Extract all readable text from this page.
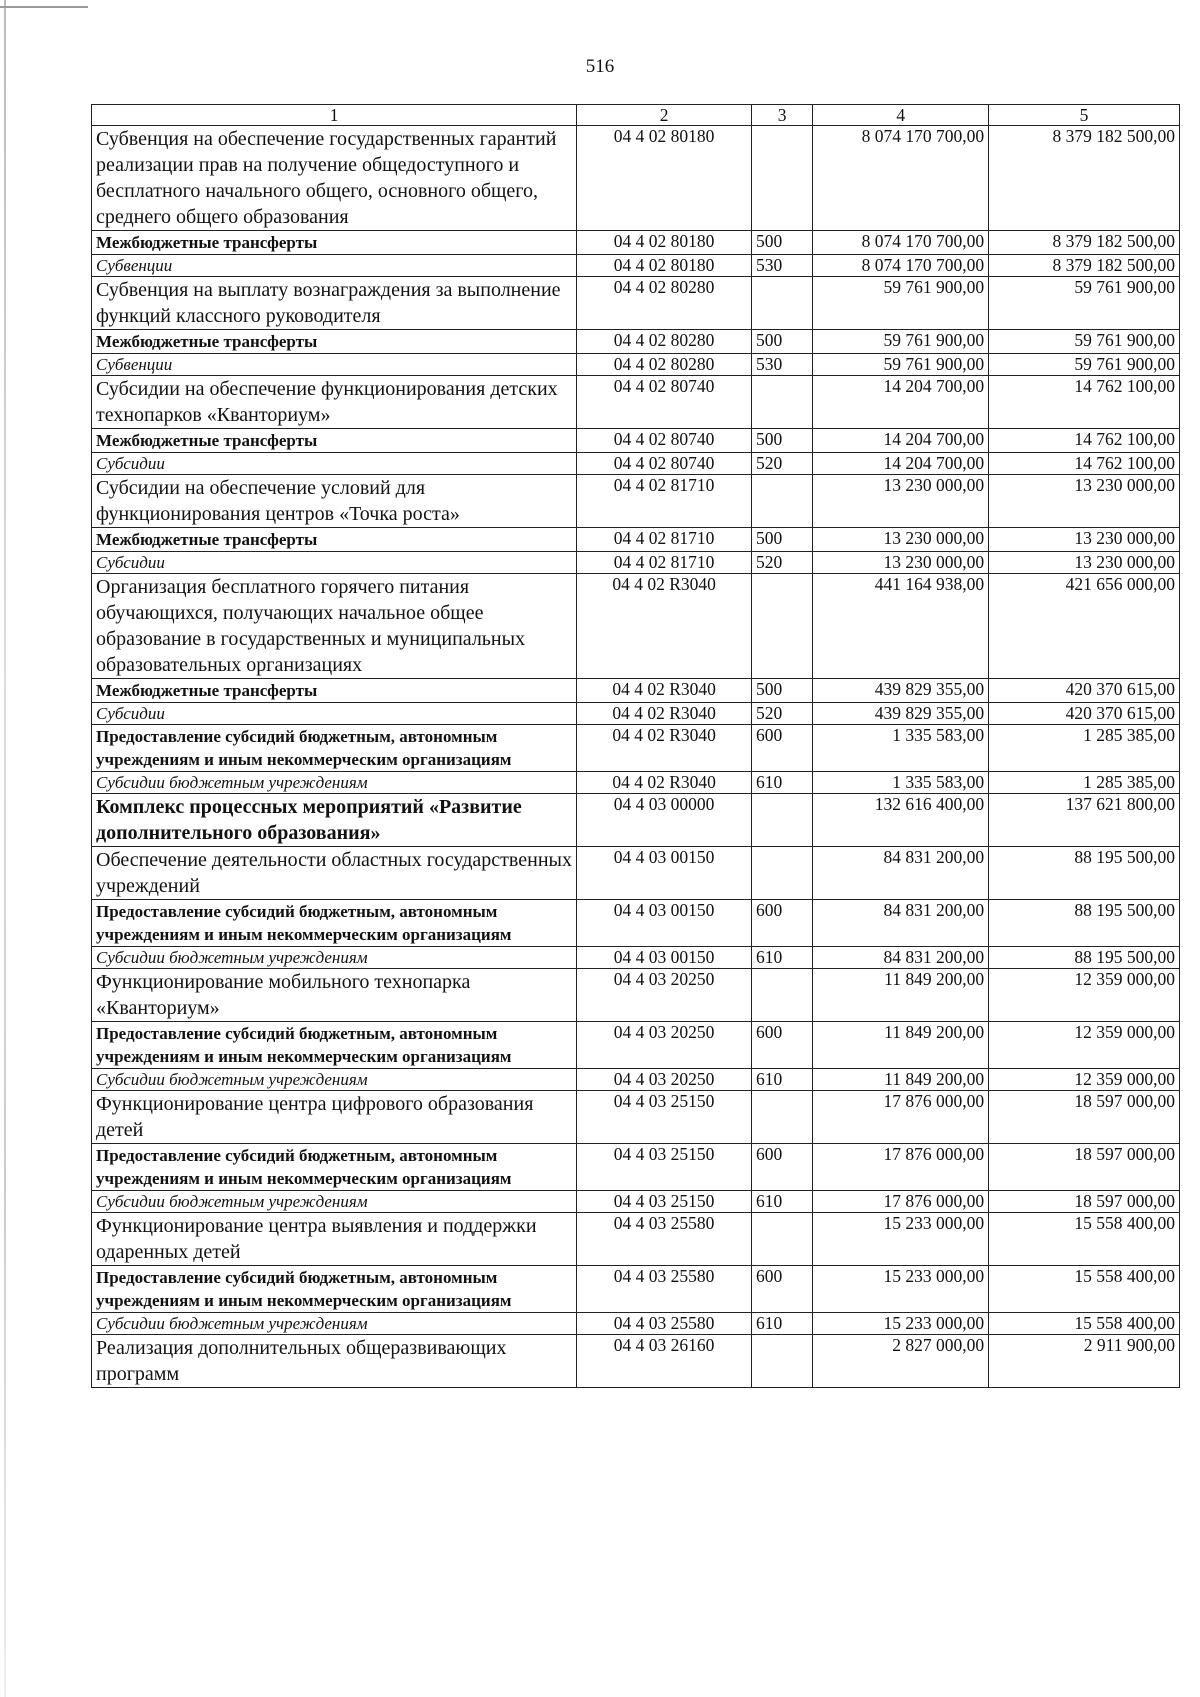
516
1	2	3	4	5
Субвенция на обеспечение государственных гарантий реализации прав на получение общедоступного и бесплатного начального общего, основного общего, среднего общего образования	04 4 02 80180		8 074 170 700,00	8 379 182 500,00
Межбюджетные трансферты	04 4 02 80180	500	8 074 170 700,00	8 379 182 500,00
Субвенции	04 4 02 80180	530	8 074 170 700,00	8 379 182 500,00
Субвенция на выплату вознаграждения за выполнение функций классного руководителя	04 4 02 80280		59 761 900,00	59 761 900,00
Межбюджетные трансферты	04 4 02 80280	500	59 761 900,00	59 761 900,00
Субвенции	04 4 02 80280	530	59 761 900,00	59 761 900,00
Субсидии на обеспечение функционирования детских технопарков «Кванториум»	04 4 02 80740		14 204 700,00	14 762 100,00
Межбюджетные трансферты	04 4 02 80740	500	14 204 700,00	14 762 100,00
Субсидии	04 4 02 80740	520	14 204 700,00	14 762 100,00
Субсидии на обеспечение условий для функционирования центров «Точка роста»	04 4 02 81710		13 230 000,00	13 230 000,00
Межбюджетные трансферты	04 4 02 81710	500	13 230 000,00	13 230 000,00
Субсидии	04 4 02 81710	520	13 230 000,00	13 230 000,00
Организация бесплатного горячего питания обучающихся, получающих начальное общее образование в государственных и муниципальных образовательных организациях	04 4 02 R3040		441 164 938,00	421 656 000,00
Межбюджетные трансферты	04 4 02 R3040	500	439 829 355,00	420 370 615,00
Субсидии	04 4 02 R3040	520	439 829 355,00	420 370 615,00
Предоставление субсидий бюджетным, автономным учреждениям и иным некоммерческим организациям	04 4 02 R3040	600	1 335 583,00	1 285 385,00
Субсидии бюджетным учреждениям	04 4 02 R3040	610	1 335 583,00	1 285 385,00
Комплекс процессных мероприятий «Развитие дополнительного образования»	04 4 03 00000		132 616 400,00	137 621 800,00
Обеспечение деятельности областных государственных учреждений	04 4 03 00150		84 831 200,00	88 195 500,00
Предоставление субсидий бюджетным, автономным учреждениям и иным некоммерческим организациям	04 4 03 00150	600	84 831 200,00	88 195 500,00
Субсидии бюджетным учреждениям	04 4 03 00150	610	84 831 200,00	88 195 500,00
Функционирование мобильного технопарка «Кванториум»	04 4 03 20250		11 849 200,00	12 359 000,00
Предоставление субсидий бюджетным, автономным учреждениям и иным некоммерческим организациям	04 4 03 20250	600	11 849 200,00	12 359 000,00
Субсидии бюджетным учреждениям	04 4 03 20250	610	11 849 200,00	12 359 000,00
Функционирование центра цифрового образования детей	04 4 03 25150		17 876 000,00	18 597 000,00
Предоставление субсидий бюджетным, автономным учреждениям и иным некоммерческим организациям	04 4 03 25150	600	17 876 000,00	18 597 000,00
Субсидии бюджетным учреждениям	04 4 03 25150	610	17 876 000,00	18 597 000,00
Функционирование центра выявления и поддержки одаренных детей	04 4 03 25580		15 233 000,00	15 558 400,00
Предоставление субсидий бюджетным, автономным учреждениям и иным некоммерческим организациям	04 4 03 25580	600	15 233 000,00	15 558 400,00
Субсидии бюджетным учреждениям	04 4 03 25580	610	15 233 000,00	15 558 400,00
Реализация дополнительных общеразвивающих программ	04 4 03 26160		2 827 000,00	2 911 900,00
